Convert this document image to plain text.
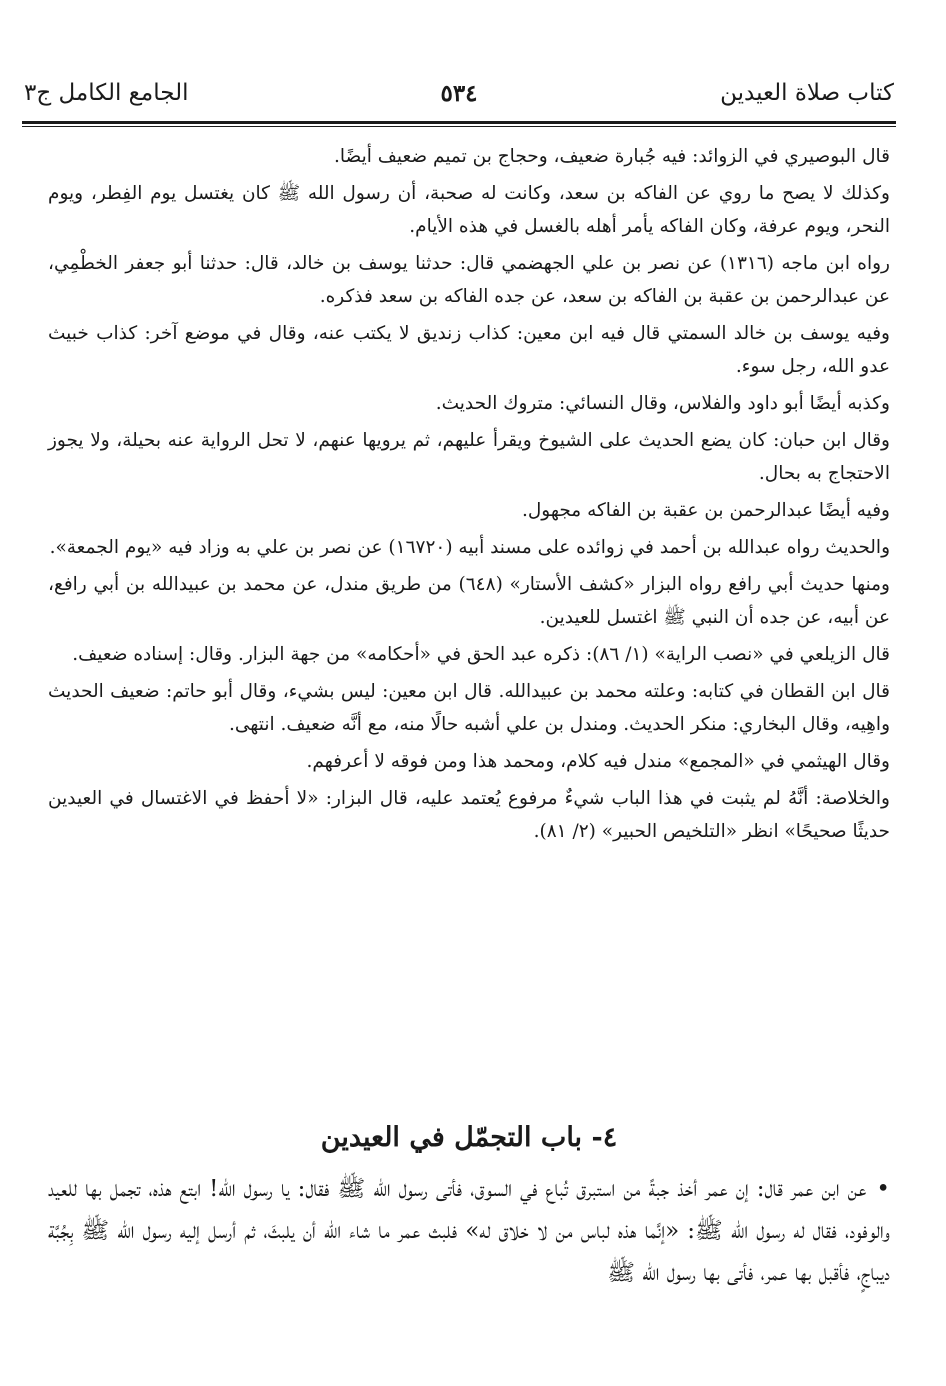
كتاب صلاة العيدين
٥٣٤
الجامع الكامل ج٣

قال البوصيري في الزوائد: فيه جُبارة ضعيف، وحجاج بن تميم ضعيف أيضًا.

وكذلك لا يصح ما روي عن الفاكه بن سعد، وكانت له صحبة، أن رسول الله ﷺ كان يغتسل يوم الفِطر، ويوم النحر، ويوم عرفة، وكان الفاكه يأمر أهله بالغسل في هذه الأيام.

رواه ابن ماجه (١٣١٦) عن نصر بن علي الجهضمي قال: حدثنا يوسف بن خالد، قال: حدثنا أبو جعفر الخطْمِي، عن عبدالرحمن بن عقبة بن الفاكه بن سعد، عن جده الفاكه بن سعد فذكره.

وفيه يوسف بن خالد السمتي قال فيه ابن معين: كذاب زنديق لا يكتب عنه، وقال في موضع آخر: كذاب خبيث عدو الله، رجل سوء.

وكذبه أيضًا أبو داود والفلاس، وقال النسائي: متروك الحديث.

وقال ابن حبان: كان يضع الحديث على الشيوخ ويقرأ عليهم، ثم يرويها عنهم، لا تحل الرواية عنه بحيلة، ولا يجوز الاحتجاج به بحال.

وفيه أيضًا عبدالرحمن بن عقبة بن الفاكه مجهول.

والحديث رواه عبدالله بن أحمد في زوائده على مسند أبيه (١٦٧٢٠) عن نصر بن علي به وزاد فيه «يوم الجمعة».

ومنها حديث أبي رافع رواه البزار «كشف الأستار» (٦٤٨) من طريق مندل، عن محمد بن عبيدالله بن أبي رافع، عن أبيه، عن جده أن النبي ﷺ اغتسل للعيدين.

قال الزيلعي في «نصب الراية» (١/ ٨٦): ذكره عبد الحق في «أحكامه» من جهة البزار. وقال: إسناده ضعيف.

قال ابن القطان في كتابه: وعلته محمد بن عبيدالله. قال ابن معين: ليس بشيء، وقال أبو حاتم: ضعيف الحديث واهِيه، وقال البخاري: منكر الحديث. ومندل بن علي أشبه حالًا منه، مع أنَّه ضعيف. انتهى.

وقال الهيثمي في «المجمع» مندل فيه كلام، ومحمد هذا ومن فوقه لا أعرفهم.

والخلاصة: أنَّهُ لم يثبت في هذا الباب شيءٌ مرفوع يُعتمد عليه، قال البزار: «لا أحفظ في الاغتسال في العيدين حديثًا صحيحًا» انظر «التلخيص الحبير» (٢/ ٨١).

٤- باب التجمّل في العيدين

•عن ابن عمر قال: إن عمر أخذ جبةً من استبرق تُباع في السوق، فأتى رسول الله ﷺ فقال: يا رسول الله! ابتع هذه، تجمل بها للعيد والوفود، فقال له رسول الله ﷺ: «إنَّما هذه لباس من لا خلاق له» فلبث عمر ما شاء الله أن يلبثَ، ثم أرسل إليه رسول الله ﷺ بِجُبَّة ديباجٍ، فأقبل بها عمر، فأتى بها رسول الله ﷺ
